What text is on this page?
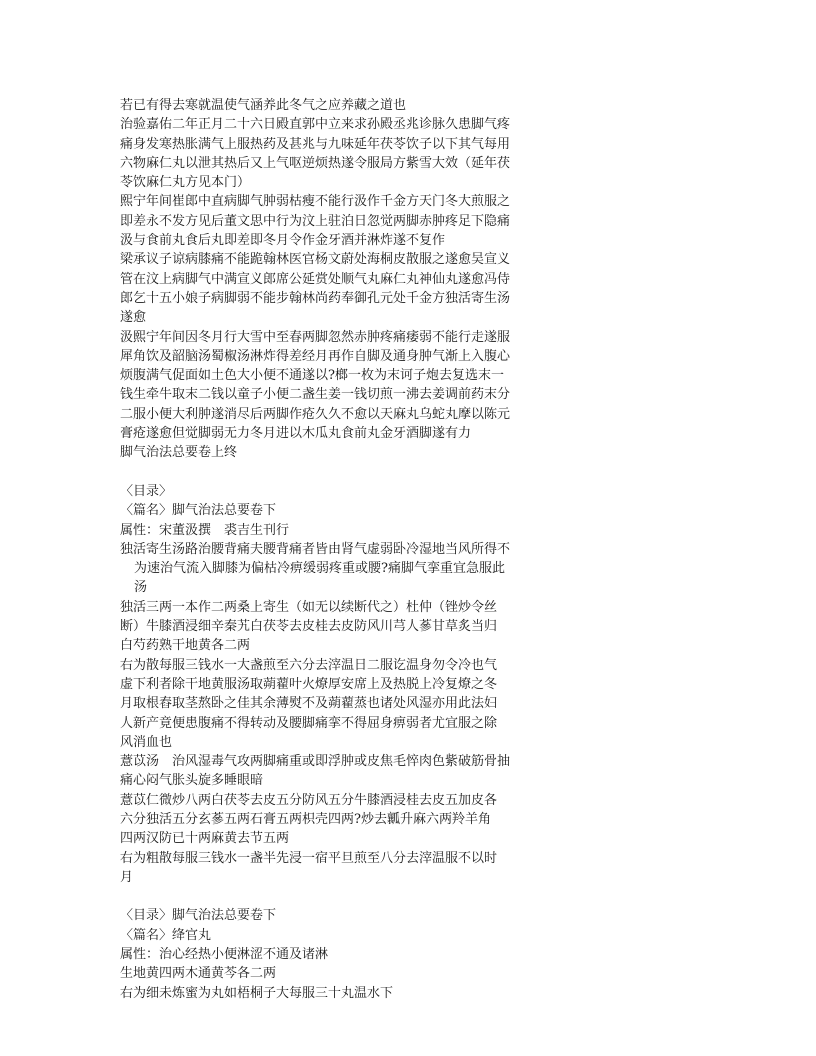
若已有得去寒就温使气涵养此冬气之应养藏之道也
治验嘉佑二年正月二十六日殿直郭中立来求孙殿丞兆诊脉久患脚气疼
痛身发寒热胀满气上服热药及甚兆与九味延年茯苓饮子以下其气每用
六物麻仁丸以泄其热后又上气呕逆烦热遂令服局方紫雪大效（延年茯
苓饮麻仁丸方见本门）
熙宁年间崔郎中直病脚气肿弱枯瘦不能行汲作千金方天门冬大煎服之
即差永不发方见后董文思中行为汶上驻泊日忽觉两脚赤肿疼足下隐痛
汲与食前丸食后丸即差即冬月令作金牙酒并淋炸遂不复作
梁承议子谅病膝痛不能跪翰林医官杨文蔚处海桐皮散服之遂愈吴宣义
管在汶上病脚气中满宣义郎席公延赏处顺气丸麻仁丸神仙丸遂愈冯侍
郎乞十五小娘子病脚弱不能步翰林尚药奉御孔元处千金方独活寄生汤
遂愈
汲熙宁年间因冬月行大雪中至春两脚忽然赤肿疼痛痿弱不能行走遂服
犀角饮及韶脑汤蜀椒汤淋炸得差经月再作自脚及通身肿气渐上入腹心
烦腹满气促面如土色大小便不通遂以?榔一枚为末诃子炮去复选末一
钱生牵牛取末二钱以童子小便二盏生姜一钱切煎一沸去姜调前药末分
二服小便大利肿遂消尽后两脚作疮久久不愈以天麻丸乌蛇丸摩以陈元
膏疮遂愈但觉脚弱无力冬月进以木瓜丸食前丸金牙酒脚遂有力
脚气治法总要卷上终
〈目录〉
〈篇名〉脚气治法总要卷下
属性：宋董汲撰　裘吉生刊行
独活寄生汤路治腰背痛夫腰背痛者皆由肾气虚弱卧冷湿地当风所得不
为速治气流入脚膝为偏枯冷痹缓弱疼重或腰?痛脚气挛重宜急服此
汤
独活三两一本作二两桑上寄生（如无以续断代之）杜仲（锉炒令丝
断）牛膝酒浸细辛秦艽白茯苓去皮桂去皮防风川芎人蔘甘草炙当归
白芍药熟干地黄各二两
右为散每服三钱水一大盏煎至六分去滓温日二服讫温身勿令冷也气
虚下利者除干地黄服汤取蒴藋叶火燎厚安席上及热脱上冷复燎之冬
月取根舂取茎熬卧之佳其余薄熨不及蒴藋蒸也诸处风湿亦用此法妇
人新产竟便患腹痛不得转动及腰脚痛挛不得屈身痹弱者尤宜服之除
风消血也
薏苡汤　治风湿毒气攻两脚痛重或即浮肿或皮焦毛悴肉色紫破筋骨抽
痛心闷气胀头旋多睡眼暗
薏苡仁微炒八两白茯苓去皮五分防风五分牛膝酒浸桂去皮五加皮各
六分独活五分玄蔘五两石膏五两枳壳四两?炒去瓤升麻六两羚羊角
四两汉防已十两麻黄去节五两
右为粗散每服三钱水一盏半先浸一宿平旦煎至八分去滓温服不以时
月
〈目录〉脚气治法总要卷下
〈篇名〉绛官丸
属性：治心经热小便淋涩不通及诸淋
生地黄四两木通黄芩各二两
右为细未炼蜜为丸如梧桐子大每服三十丸温水下
